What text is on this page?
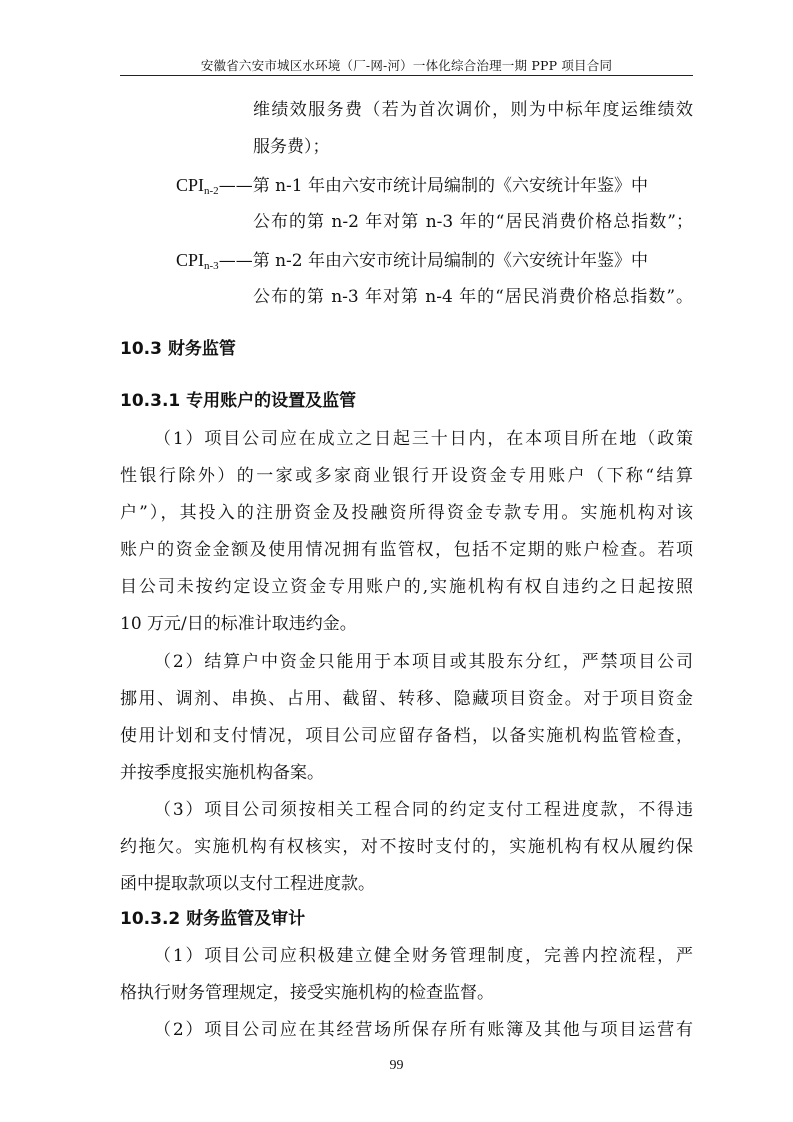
安徽省六安市城区水环境（厂-网-河）一体化综合治理一期 PPP 项目合同
维绩效服务费（若为首次调价，则为中标年度运维绩效
服务费）；
$CPI_{n-2}——$第 n-1 年由六安市统计局编制的《六安统计年鉴》中
公布的第 n-2 年对第 n-3 年的“居民消费价格总指数”；
$CPI_{n-3}——$第 n-2 年由六安市统计局编制的《六安统计年鉴》中
公布的第 n-3 年对第 n-4 年的“居民消费价格总指数”。
10.3 财务监管
10.3.1 专用账户的设置及监管
（1）项目公司应在成立之日起三十日内，在本项目所在地（政策
性银行除外）的一家或多家商业银行开设资金专用账户（下称“结算
户”），其投入的注册资金及投融资所得资金专款专用。实施机构对该
账户的资金金额及使用情况拥有监管权，包括不定期的账户检查。若项
目公司未按约定设立资金专用账户的,实施机构有权自违约之日起按照
10 万元/日的标准计取违约金。
（2）结算户中资金只能用于本项目或其股东分红，严禁项目公司
挪用、调剂、串换、占用、截留、转移、隐藏项目资金。对于项目资金
使用计划和支付情况，项目公司应留存备档，以备实施机构监管检查，
并按季度报实施机构备案。
（3）项目公司须按相关工程合同的约定支付工程进度款，不得违
约拖欠。实施机构有权核实，对不按时支付的，实施机构有权从履约保
函中提取款项以支付工程进度款。
10.3.2 财务监管及审计
（1）项目公司应积极建立健全财务管理制度，完善内控流程，严
格执行财务管理规定，接受实施机构的检查监督。
（2）项目公司应在其经营场所保存所有账簿及其他与项目运营有
99
